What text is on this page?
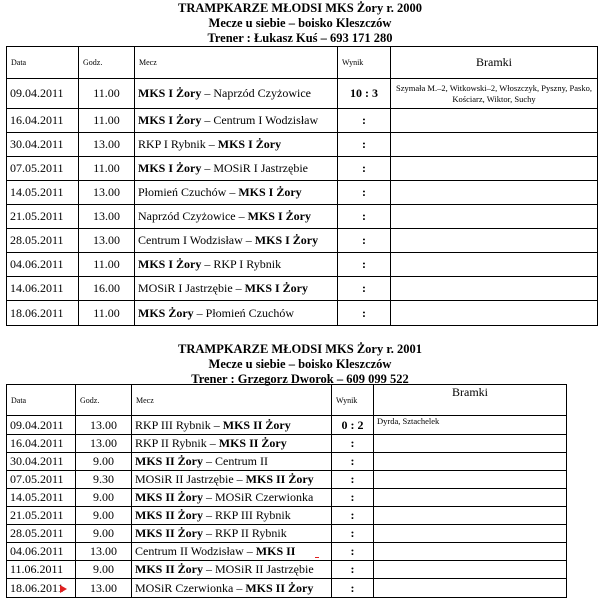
TRAMPKARZE MŁODSI MKS Żory r. 2000
Mecze u siebie – boisko Kleszczów
Trener : Łukasz Kuś – 693 171 280
Data	Godz.	Mecz	Wynik	Bramki
09.04.2011	11.00	MKS I Żory – Naprzód Czyżowice	10 : 3	Szymała M.–2, Witkowski–2, Włoszczyk, Pyszny, Pasko, Kościarz, Wiktor, Suchy
16.04.2011	11.00	MKS I Żory – Centrum I Wodzisław	:	
30.04.2011	13.00	RKP I Rybnik – MKS I Żory	:	
07.05.2011	11.00	MKS I Żory – MOSiR I Jastrzębie	:	
14.05.2011	13.00	Płomień Czuchów – MKS I Żory	:	
21.05.2011	13.00	Naprzód Czyżowice – MKS I Żory	:	
28.05.2011	13.00	Centrum I Wodzisław – MKS I Żory	:	
04.06.2011	11.00	MKS I Żory – RKP I Rybnik	:	
14.06.2011	16.00	MOSiR I Jastrzębie – MKS I Żory	:	
18.06.2011	11.00	MKS Żory – Płomień Czuchów	:	
TRAMPKARZE MŁODSI MKS Żory r. 2001
Mecze u siebie – boisko Kleszczów
Trener : Grzegorz Dworok – 609 099 522
Data	Godz.	Mecz	Wynik	Bramki
09.04.2011	13.00	RKP III Rybnik – MKS II Żory	0 : 2	Dyrda, Sztachelek
16.04.2011	13.00	RKP II Rybnik – MKS II Żory	:	
30.04.2011	9.00	MKS II Żory – Centrum II	:	
07.05.2011	9.30	MOSiR II Jastrzębie – MKS II Żory	:	
14.05.2011	9.00	MKS II Żory – MOSiR Czerwionka	:	
21.05.2011	9.00	MKS II Żory – RKP III Rybnik	:	
28.05.2011	9.00	MKS II Żory – RKP II Rybnik	:	
04.06.2011	13.00	Centrum II Wodzisław – MKS II	:	
11.06.2011	9.00	MKS II Żory – MOSiR II Jastrzębie	:	
18.06.2011	13.00	MOSiR Czerwionka – MKS II Żory	:	
